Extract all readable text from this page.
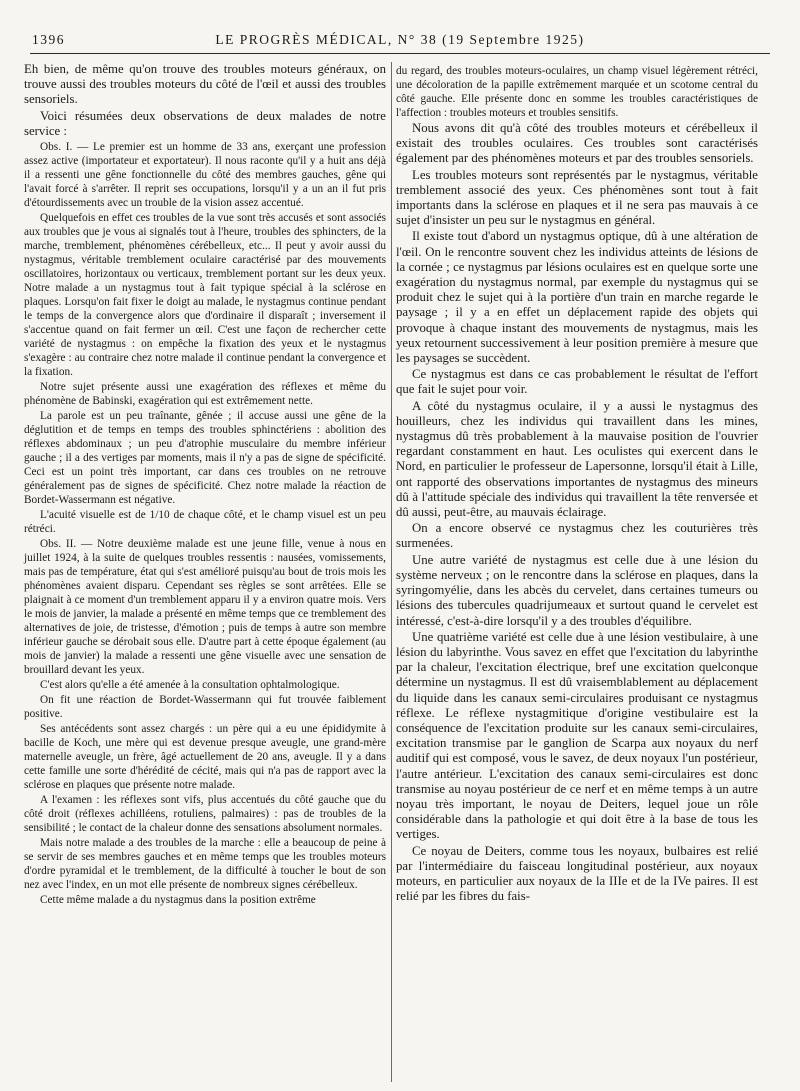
1396	LE PROGRÈS MÉDICAL, N° 38 (19 Septembre 1925)

Eh bien, de même qu'on trouve des troubles moteurs généraux, on trouve aussi des troubles moteurs du côté de l'œil et aussi des troubles sensoriels.

Voici résumées deux observations de deux malades de notre service :

Obs. I. — Le premier est un homme de 33 ans, exerçant une profession assez active (importateur et exportateur). Il nous raconte qu'il y a huit ans déjà il a ressenti une gêne fonctionnelle du côté des membres gauches, gêne qui l'avait forcé à s'arrêter. Il reprit ses occupations, lorsqu'il y a un an il fut pris d'étourdissements avec un trouble de la vision assez accentué.

Quelquefois en effet ces troubles de la vue sont très accusés et sont associés aux troubles que je vous ai signalés tout à l'heure, troubles des sphincters, de la marche, tremblement, phénomènes cérébelleux, etc... Il peut y avoir aussi du nystagmus, véritable tremblement oculaire caractérisé par des mouvements oscillatoires, horizontaux ou verticaux, tremblement portant sur les deux yeux. Notre malade a un nystagmus tout à fait typique spécial à la sclérose en plaques. Lorsqu'on fait fixer le doigt au malade, le nystagmus continue pendant le temps de la convergence alors que d'ordinaire il disparaît ; inversement il s'accentue quand on fait fermer un œil. C'est une façon de rechercher cette variété de nystagmus : on empêche la fixation des yeux et le nystagmus s'exagère : au contraire chez notre malade il continue pendant la convergence et la fixation.

Notre sujet présente aussi une exagération des réflexes et même du phénomène de Babinski, exagération qui est extrêmement nette.

La parole est un peu traînante, gênée ; il accuse aussi une gêne de la déglutition et de temps en temps des troubles sphinctériens : abolition des réflexes abdominaux ; un peu d'atrophie musculaire du membre inférieur gauche ; il a des vertiges par moments, mais il n'y a pas de signe de spécificité. Ceci est un point très important, car dans ces troubles on ne retrouve généralement pas de signes de spécificité. Chez notre malade la réaction de Bordet-Wassermann est négative.

L'acuité visuelle est de 1/10 de chaque côté, et le champ visuel est un peu rétréci.

Obs. II. — Notre deuxième malade est une jeune fille, venue à nous en juillet 1924, à la suite de quelques troubles ressentis : nausées, vomissements, mais pas de température, état qui s'est amélioré puisqu'au bout de trois mois les phénomènes avaient disparu. Cependant ses règles se sont arrêtées. Elle se plaignait à ce moment d'un tremblement apparu il y a environ quatre mois. Vers le mois de janvier, la malade a présenté en même temps que ce tremblement des alternatives de joie, de tristesse, d'émotion ; puis de temps à autre son membre inférieur gauche se dérobait sous elle. D'autre part à cette époque également (au mois de janvier) la malade a ressenti une gêne visuelle avec une sensation de brouillard devant les yeux.

C'est alors qu'elle a été amenée à la consultation ophtalmologique.

On fit une réaction de Bordet-Wassermann qui fut trouvée faiblement positive.

Ses antécédents sont assez chargés : un père qui a eu une épididymite à bacille de Koch, une mère qui est devenue presque aveugle, une grand-mère maternelle aveugle, un frère, âgé actuellement de 20 ans, aveugle. Il y a dans cette famille une sorte d'hérédité de cécité, mais qui n'a pas de rapport avec la sclérose en plaques que présente notre malade.

A l'examen : les réflexes sont vifs, plus accentués du côté gauche que du côté droit (réflexes achilléens, rotuliens, palmaires) : pas de troubles de la sensibilité ; le contact de la chaleur donne des sensations absolument normales.

Mais notre malade a des troubles de la marche : elle a beaucoup de peine à se servir de ses membres gauches et en même temps que les troubles moteurs d'ordre pyramidal et le tremblement, de la difficulté à toucher le bout de son nez avec l'index, en un mot elle présente de nombreux signes cérébelleux.

Cette même malade a du nystagmus dans la position extrême

du regard, des troubles moteurs-oculaires, un champ visuel légèrement rétréci, une décoloration de la papille extrêmement marquée et un scotome central du côté gauche. Elle présente donc en somme les troubles caractéristiques de l'affection : troubles moteurs et troubles sensitifs.

Nous avons dit qu'à côté des troubles moteurs et cérébelleux il existait des troubles oculaires. Ces troubles sont caractérisés également par des phénomènes moteurs et par des troubles sensoriels.

Les troubles moteurs sont représentés par le nystagmus, véritable tremblement associé des yeux. Ces phénomènes sont tout à fait importants dans la sclérose en plaques et il ne sera pas mauvais à ce sujet d'insister un peu sur le nystagmus en général.

Il existe tout d'abord un nystagmus optique, dû à une altération de l'œil. On le rencontre souvent chez les individus atteints de lésions de la cornée ; ce nystagmus par lésions oculaires est en quelque sorte une exagération du nystagmus normal, par exemple du nystagmus qui se produit chez le sujet qui à la portière d'un train en marche regarde le paysage ; il y a en effet un déplacement rapide des objets qui provoque à chaque instant des mouvements de nystagmus, mais les yeux retournent successivement à leur position première à mesure que les paysages se succèdent.

Ce nystagmus est dans ce cas probablement le résultat de l'effort que fait le sujet pour voir.

A côté du nystagmus oculaire, il y a aussi le nystagmus des houilleurs, chez les individus qui travaillent dans les mines, nystagmus dû très probablement à la mauvaise position de l'ouvrier regardant constamment en haut. Les oculistes qui exercent dans le Nord, en particulier le professeur de Lapersonne, lorsqu'il était à Lille, ont rapporté des observations importantes de nystagmus des mineurs dû à l'attitude spéciale des individus qui travaillent la tête renversée et dû aussi, peut-être, au mauvais éclairage.

On a encore observé ce nystagmus chez les couturières très surmenées.

Une autre variété de nystagmus est celle due à une lésion du système nerveux ; on le rencontre dans la sclérose en plaques, dans la syringomyélie, dans les abcès du cervelet, dans certaines tumeurs ou lésions des tubercules quadrijumeaux et surtout quand le cervelet est intéressé, c'est-à-dire lorsqu'il y a des troubles d'équilibre.

Une quatrième variété est celle due à une lésion vestibulaire, à une lésion du labyrinthe. Vous savez en effet que l'excitation du labyrinthe par la chaleur, l'excitation électrique, bref une excitation quelconque détermine un nystagmus. Il est dû vraisemblablement au déplacement du liquide dans les canaux semi-circulaires produisant ce nystagmus réflexe. Le réflexe nystagmitique d'origine vestibulaire est la conséquence de l'excitation produite sur les canaux semi-circulaires, excitation transmise par le ganglion de Scarpa aux noyaux du nerf auditif qui est composé, vous le savez, de deux noyaux l'un postérieur, l'autre antérieur. L'excitation des canaux semi-circulaires est donc transmise au noyau postérieur de ce nerf et en même temps à un autre noyau très important, le noyau de Deiters, lequel joue un rôle considérable dans la pathologie et qui doit être à la base de tous les vertiges.

Ce noyau de Deiters, comme tous les noyaux, bulbaires est relié par l'intermédiaire du faisceau longitudinal postérieur, aux noyaux moteurs, en particulier aux noyaux de la IIIe et de la IVe paires. Il est relié par les fibres du fais-
